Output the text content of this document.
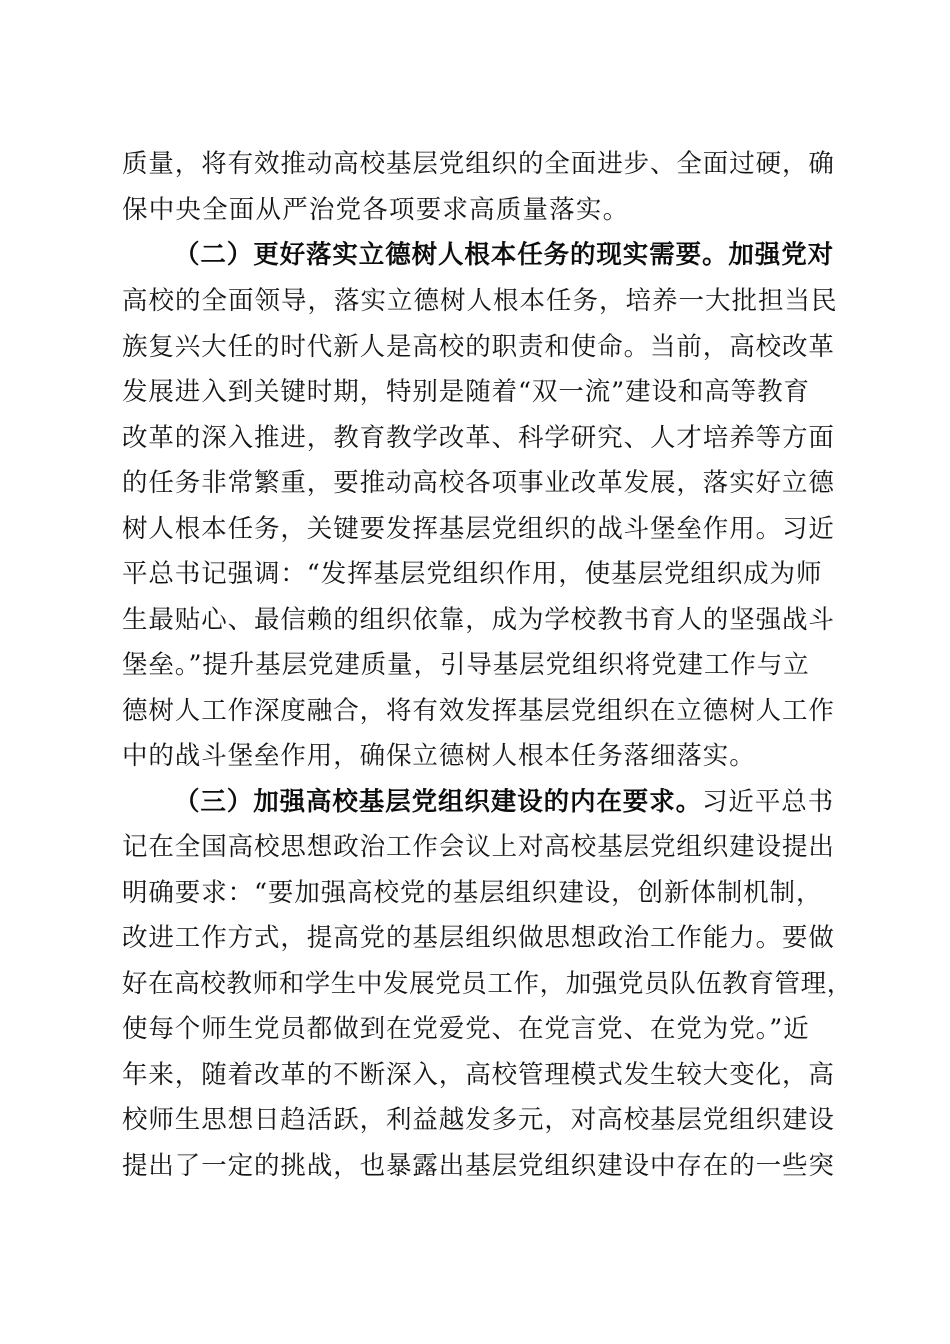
质量，将有效推动高校基层党组织的全面进步、全面过硬，确
保中央全面从严治党各项要求高质量落实。
（二）更好落实立德树人根本任务的现实需要。加强党对
高校的全面领导，落实立德树人根本任务，培养一大批担当民
族复兴大任的时代新人是高校的职责和使命。当前，高校改革
发展进入到关键时期，特别是随着“双一流”建设和高等教育
改革的深入推进，教育教学改革、科学研究、人才培养等方面
的任务非常繁重，要推动高校各项事业改革发展，落实好立德
树人根本任务，关键要发挥基层党组织的战斗堡垒作用。习近
平总书记强调：“发挥基层党组织作用，使基层党组织成为师
生最贴心、最信赖的组织依靠，成为学校教书育人的坚强战斗
堡垒。”提升基层党建质量，引导基层党组织将党建工作与立
德树人工作深度融合，将有效发挥基层党组织在立德树人工作
中的战斗堡垒作用，确保立德树人根本任务落细落实。
（三）加强高校基层党组织建设的内在要求。习近平总书
记在全国高校思想政治工作会议上对高校基层党组织建设提出
明确要求：“要加强高校党的基层组织建设，创新体制机制，
改进工作方式，提高党的基层组织做思想政治工作能力。要做
好在高校教师和学生中发展党员工作，加强党员队伍教育管理，
使每个师生党员都做到在党爱党、在党言党、在党为党。”近
年来，随着改革的不断深入，高校管理模式发生较大变化，高
校师生思想日趋活跃，利益越发多元，对高校基层党组织建设
提出了一定的挑战，也暴露出基层党组织建设中存在的一些突
